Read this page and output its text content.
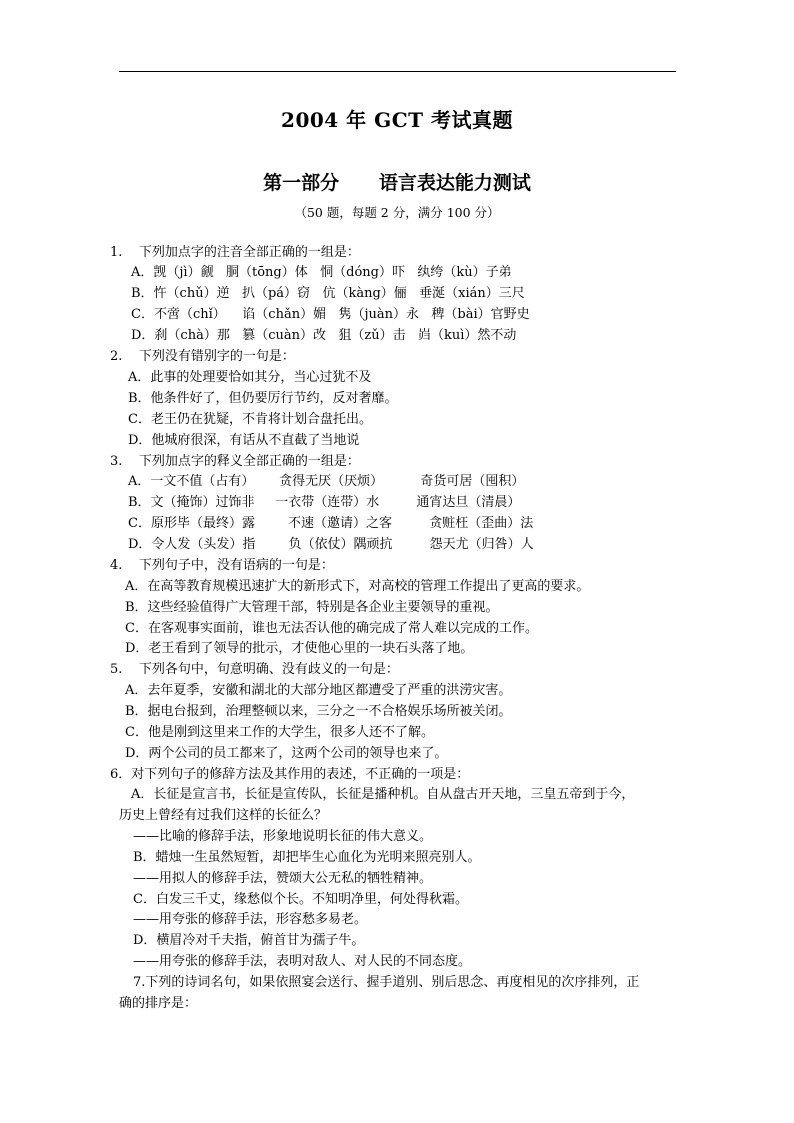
2004 年 GCT 考试真题
第一部分      语言表达能力测试
（50 题，每题 2 分，满分 100 分）
1.    下列加点字的注音全部正确的一组是：
A．觊（jì）觎   胴（tōng）体   恫（dóng）吓   纨绔（kù）子弟
B．忤（chǔ）逆   扒（pá）窃   伉（kàng）俪   垂涎（xián）三尺
C．不啻（chǐ）    谄（chǎn）媚   隽（juàn）永   稗（bài）官野史
D．刹（chà）那   篡（cuàn）改   狙（zǔ）击   岿（kuì）然不动
2.    下列没有错别字的一句是：
A．此事的处理要恰如其分，当心过犹不及
B．他条件好了，但仍要厉行节约，反对奢靡。
C．老王仍在犹疑，不肯将计划合盘托出。
D．他城府很深，有话从不直截了当地说
3.    下列加点字的释义全部正确的一组是：
A．一文不值（占有）      贪得无厌（厌烦）         奇货可居（囤积）
B．文（掩饰）过饰非     一衣带（连带）水         通宵达旦（清晨）
C．原形毕（最终）露        不速（邀请）之客         贪赃枉（歪曲）法
D．令人发（头发）指        负（依仗）隅顽抗         怨天尤（归咎）人
4.    下列句子中，没有语病的一句是：
A．在高等教育规模迅速扩大的新形式下，对高校的管理工作提出了更高的要求。
B．这些经验值得广大管理干部，特别是各企业主要领导的重视。
C．在客观事实面前，谁也无法否认他的确完成了常人难以完成的工作。
D．老王看到了领导的批示，才使他心里的一块石头落了地。
5.    下列各句中，句意明确、没有歧义的一句是：
A．去年夏季，安徽和湖北的大部分地区都遭受了严重的洪涝灾害。
B．据电台报到，治理整顿以来，三分之一不合格娱乐场所被关闭。
C．他是刚到这里来工作的大学生，很多人还不了解。
D．两个公司的员工都来了，这两个公司的领导也来了。
6．对下列句子的修辞方法及其作用的表述，不正确的一项是：
A．长征是宣言书，长征是宣传队，长征是播种机。自从盘古开天地，三皇五帝到于今，
历史上曾经有过我们这样的长征么？
——比喻的修辞手法，形象地说明长征的伟大意义。
B．蜡烛一生虽然短暂，却把毕生心血化为光明来照亮别人。
——用拟人的修辞手法，赞颂大公无私的牺牲精神。
C．白发三千丈，缘愁似个长。不知明净里，何处得秋霜。
——用夸张的修辞手法，形容愁多易老。
D．横眉冷对千夫指，俯首甘为孺子牛。
——用夸张的修辞手法，表明对敌人、对人民的不同态度。
7.下列的诗词名句，如果依照宴会送行、握手道别、别后思念、再度相见的次序排列，正
确的排序是：
